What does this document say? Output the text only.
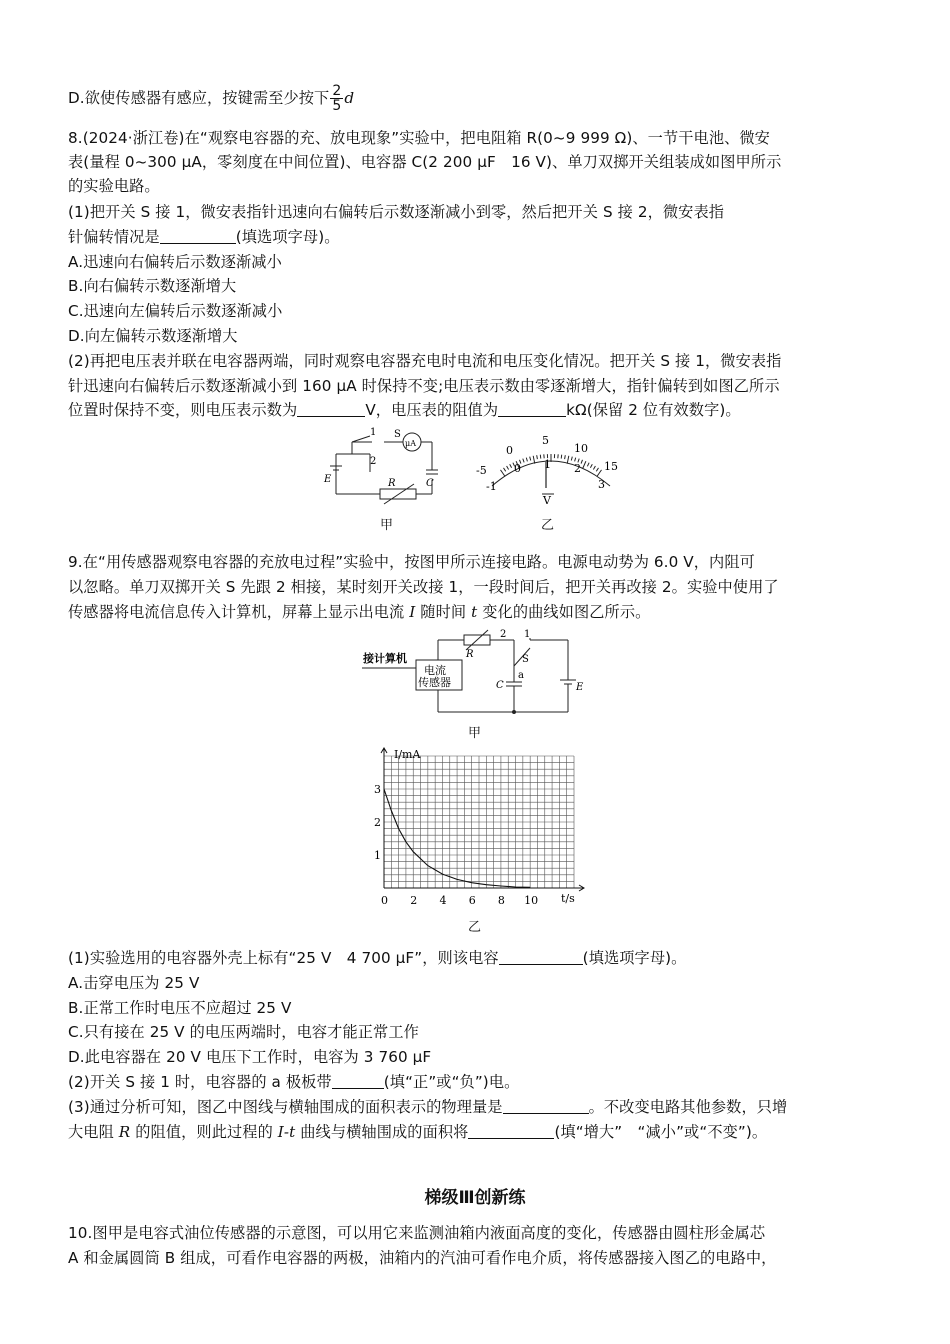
D.欲使传感器有感应，按键需至少按下 $\frac{2}{5}$ d
8.(2024·浙江卷)在“观察电容器的充、放电现象”实验中，把电阻箱 R(0~9 999 Ω)、一节干电池、微安
表(量程 0~300 μA，零刻度在中间位置)、电容器 C(2 200 μF　16 V)、单刀双掷开关组装成如图甲所示
的实验电路。
(1)把开关 S 接 1，微安表指针迅速向右偏转后示数逐渐减小到零，然后把开关 S 接 2，微安表指
针偏转情况是	(填选项字母)。
A.迅速向右偏转后示数逐渐减小
B.向右偏转示数逐渐增大
C.迅速向左偏转后示数逐渐减小
D.向左偏转示数逐渐增大
(2)再把电压表并联在电容器两端，同时观察电容器充电时电流和电压变化情况。把开关 S 接 1，微安表指
针迅速向右偏转后示数逐渐减小到 160 μA 时保持不变;电压表示数由零逐渐增大，指针偏转到如图乙所示
位置时保持不变，则电压表示数为	V，电压表的阻值为	kΩ(保留 2 位有效数字)。
1
2
S
μA
E	R	C
甲
-5
0
5
10
15
-1
0 1 2
3
V
乙
9.在“用传感器观察电容器的充放电过程”实验中，按图甲所示连接电路。电源电动势为 6.0 V，内阻可
以忽略。单刀双掷开关 S 先跟 2 相接，某时刻开关改接 1，一段时间后，把开关再改接 2。实验中使用了
传感器将电流信息传入计算机，屏幕上显示出电流 I 随时间 t 变化的曲线如图乙所示。
接计算机
电流
传感器
R
2 1
S
a
C	E
甲
1
2
3
0 2 4 6 8 10
I/mA
t/s
乙
(1)实验选用的电容器外壳上标有“25 V　4 700 μF”，则该电容	(填选项字母)。
A.击穿电压为 25 V
B.正常工作时电压不应超过 25 V
C.只有接在 25 V 的电压两端时，电容才能正常工作
D.此电容器在 20 V 电压下工作时，电容为 3 760 μF
(2)开关 S 接 1 时，电容器的 a 极板带	(填“正”或“负”)电。
(3)通过分析可知，图乙中图线与横轴围成的面积表示的物理量是	。不改变电路其他参数，只增
大电阻 R 的阻值，则此过程的 I-t 曲线与横轴围成的面积将	(填“增大”　“减小”或“不变”)。
梯级Ⅲ创新练
10.图甲是电容式油位传感器的示意图，可以用它来监测油箱内液面高度的变化，传感器由圆柱形金属芯
A 和金属圆筒 B 组成，可看作电容器的两极，油箱内的汽油可看作电介质，将传感器接入图乙的电路中，
